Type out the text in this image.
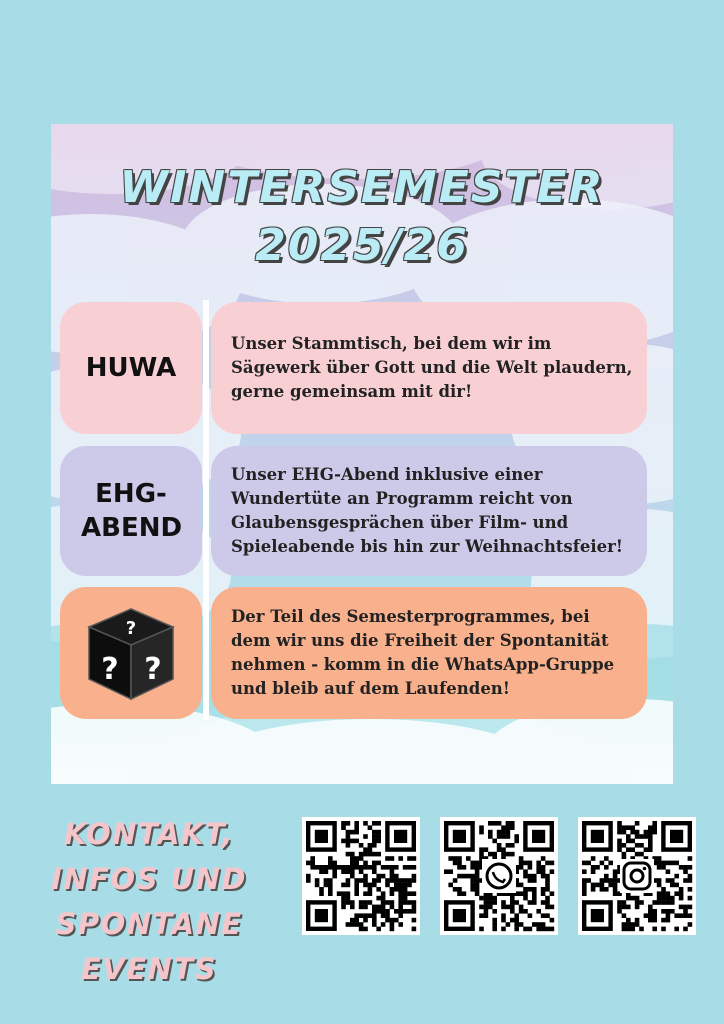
WINTERSEMESTER
2025/26
HUWA
Unser Stammtisch, bei dem wir im Sägewerk über Gott und die Welt plaudern, gerne gemeinsam mit dir!
EHG-ABEND
Unser EHG-Abend inklusive einer Wundertüte an Programm reicht von Glaubensgesprächen über Film- und Spieleabende bis hin zur Weihnachtsfeier!
?
? ?
Der Teil des Semesterprogrammes, bei dem wir uns die Freiheit der Spontanität nehmen - komm in die WhatsApp-Gruppe und bleib auf dem Laufenden!
KONTAKT, INFOS UND SPONTANE EVENTS
